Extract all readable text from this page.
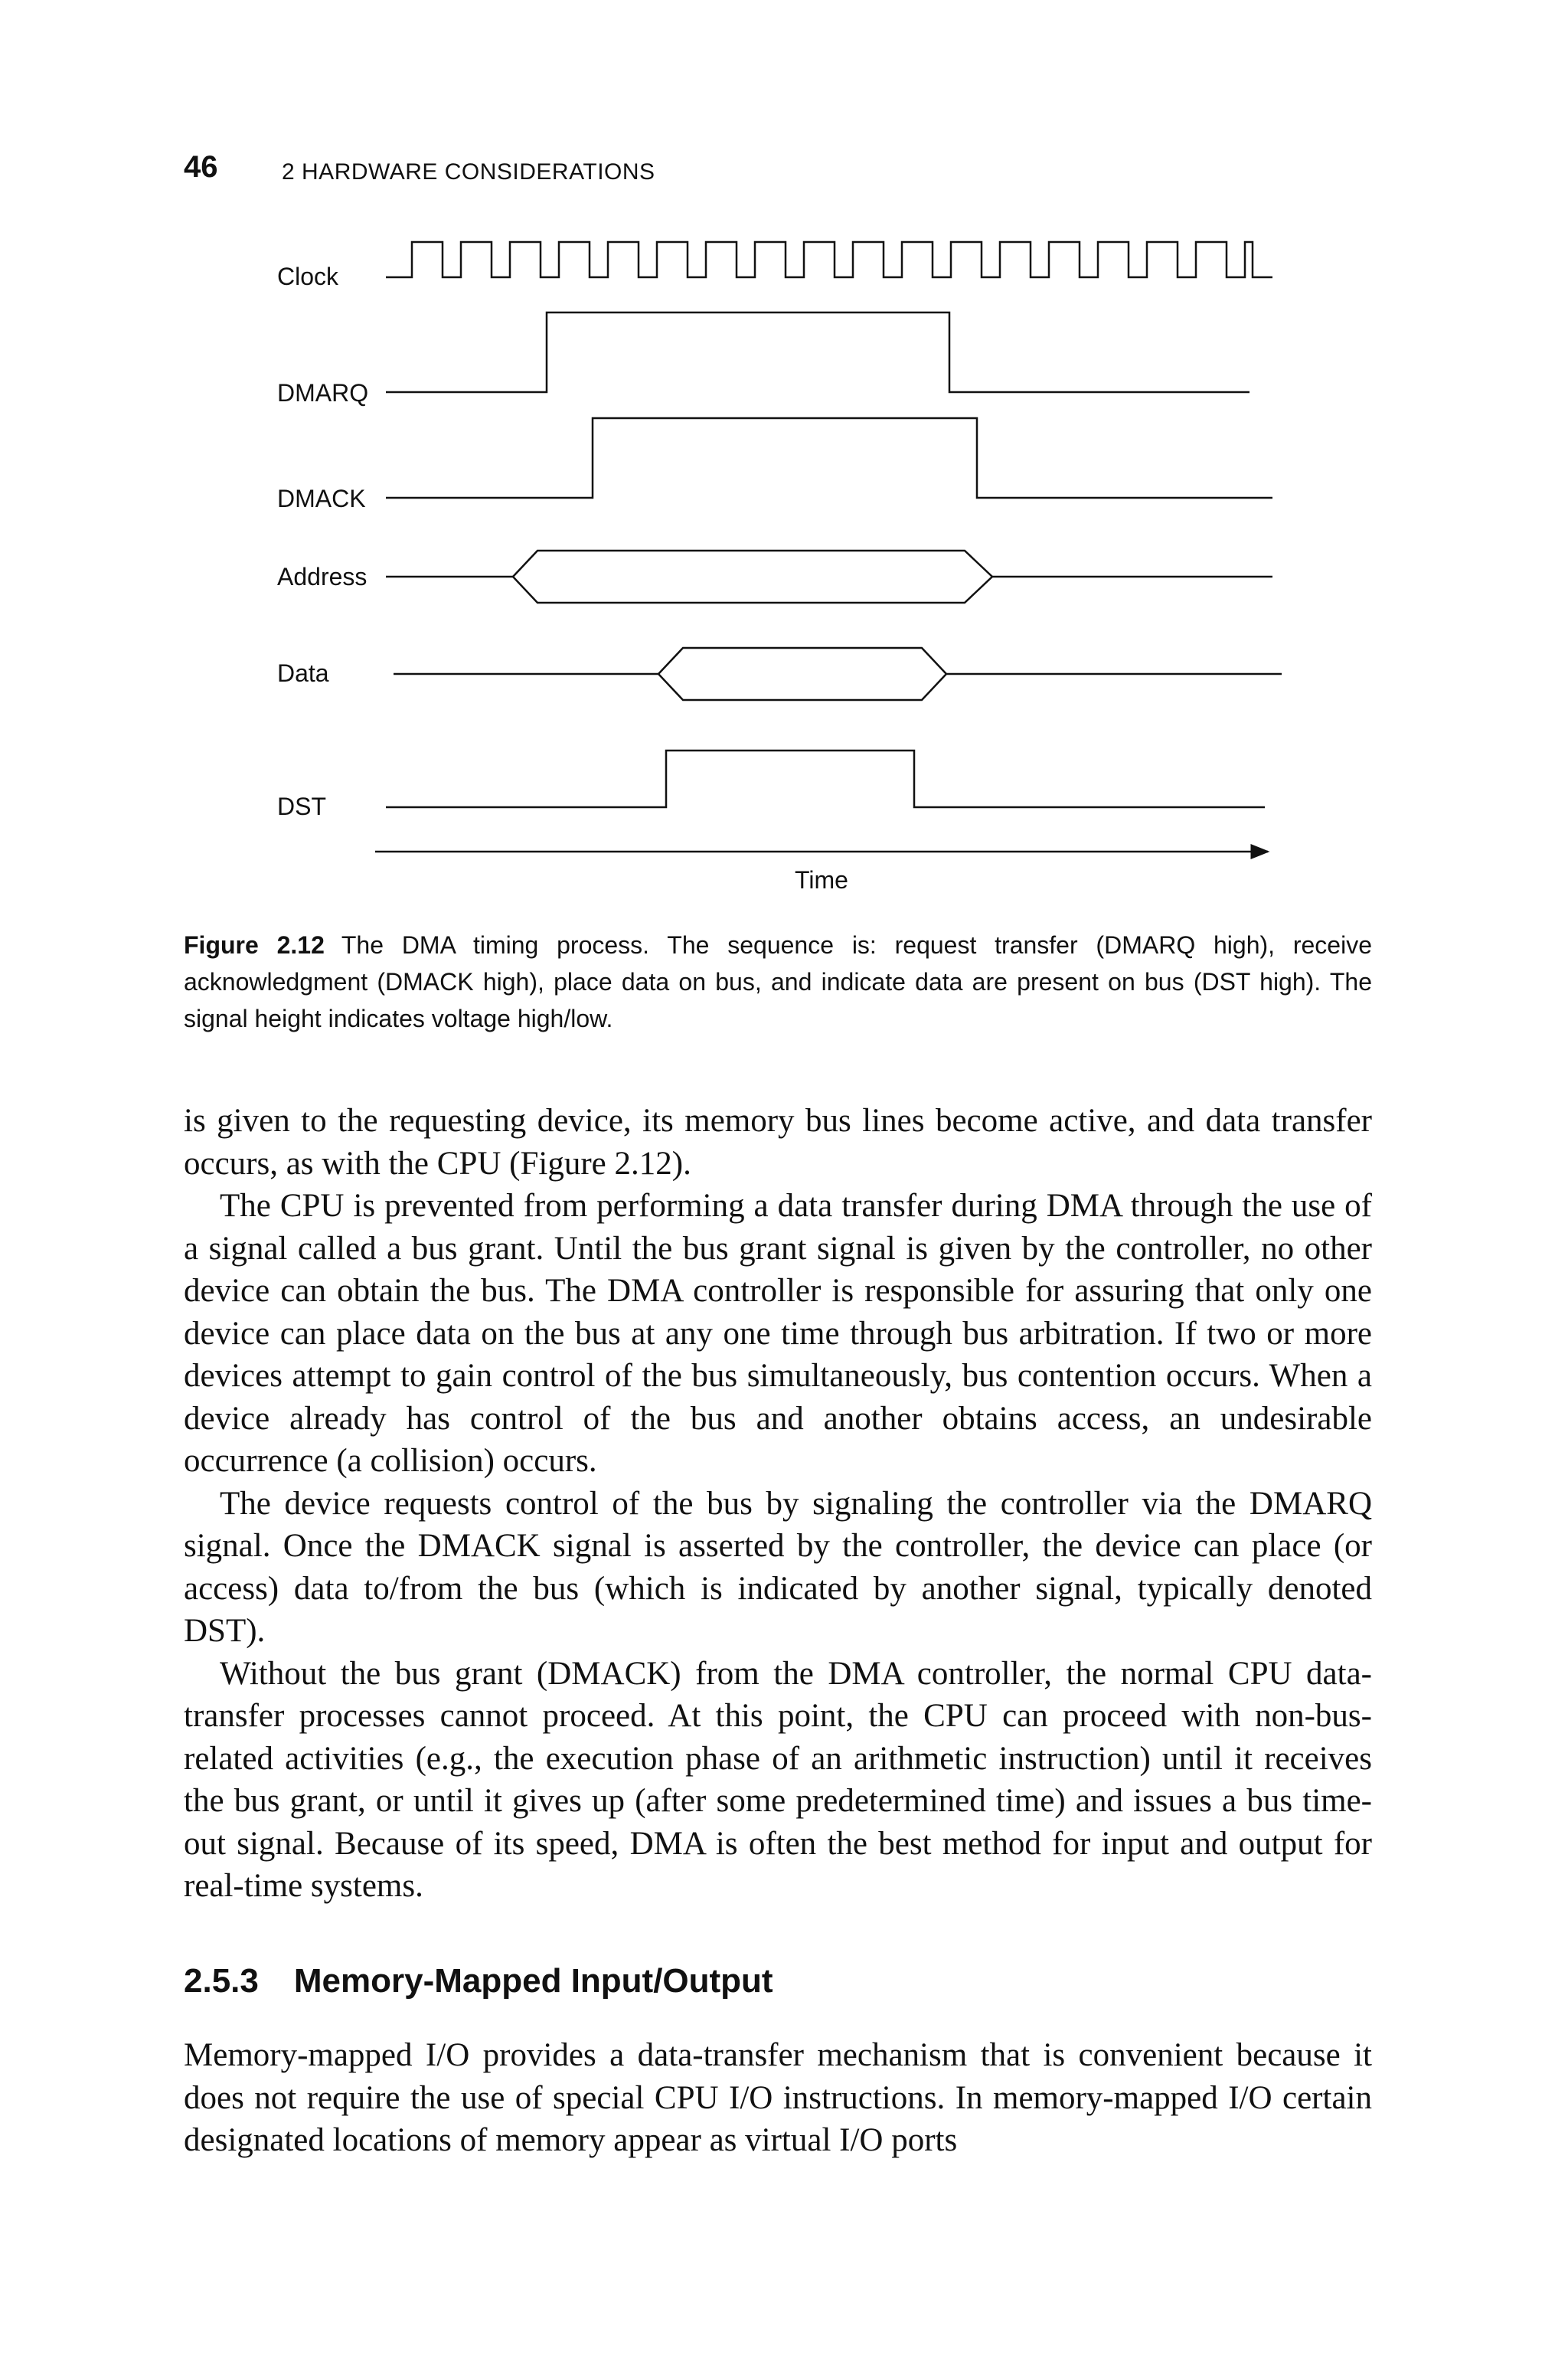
46	2 HARDWARE CONSIDERATIONS
Clock
DMARQ
DMACK
Address
Data
DST
Time
Figure 2.12 The DMA timing process. The sequence is: request transfer (DMARQ high), receive acknowledgment (DMACK high), place data on bus, and indicate data are present on bus (DST high). The signal height indicates voltage high/low.

is given to the requesting device, its memory bus lines become active, and data transfer occurs, as with the CPU (Figure 2.12).

The CPU is prevented from performing a data transfer during DMA through the use of a signal called a bus grant. Until the bus grant signal is given by the controller, no other device can obtain the bus. The DMA controller is responsible for assuring that only one device can place data on the bus at any one time through bus arbitration. If two or more devices attempt to gain control of the bus simultaneously, bus contention occurs. When a device already has control of the bus and another obtains access, an undesirable occurrence (a collision) occurs.

The device requests control of the bus by signaling the controller via the DMARQ signal. Once the DMACK signal is asserted by the controller, the device can place (or access) data to/from the bus (which is indicated by another signal, typically denoted DST).

Without the bus grant (DMACK) from the DMA controller, the normal CPU data-transfer processes cannot proceed. At this point, the CPU can proceed with non-bus-related activities (e.g., the execution phase of an arithmetic instruction) until it receives the bus grant, or until it gives up (after some predetermined time) and issues a bus time-out signal. Because of its speed, DMA is often the best method for input and output for real-time systems.

2.5.3 Memory-Mapped Input/Output

Memory-mapped I/O provides a data-transfer mechanism that is convenient because it does not require the use of special CPU I/O instructions. In memory-mapped I/O certain designated locations of memory appear as virtual I/O ports
